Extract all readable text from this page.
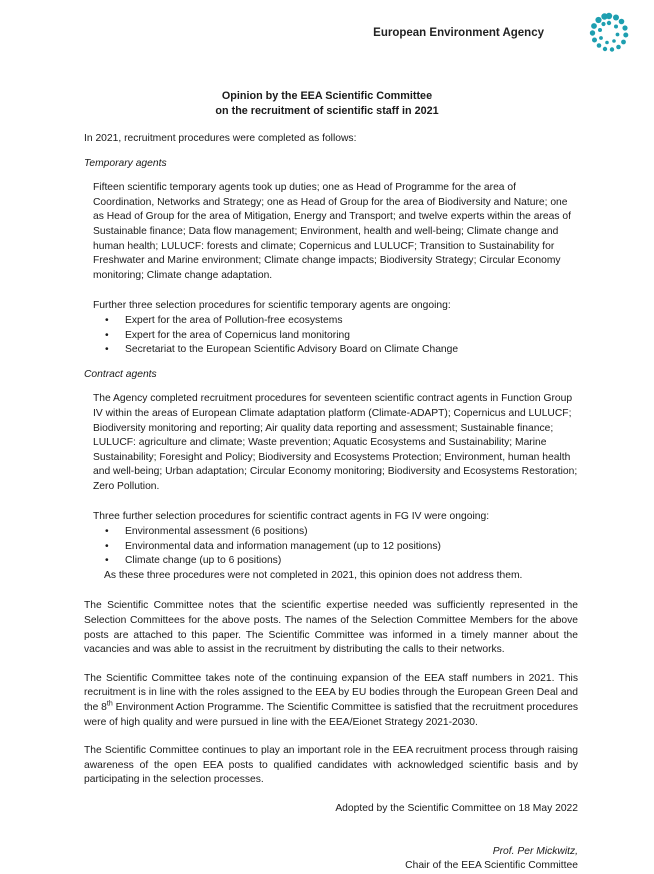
European Environment Agency
Opinion by the EEA Scientific Committee
on the recruitment of scientific staff in 2021

In 2021, recruitment procedures were completed as follows:

Temporary agents

Fifteen scientific temporary agents took up duties; one as Head of Programme for the area of Coordination, Networks and Strategy; one as Head of Group for the area of Biodiversity and Nature; one as Head of Group for the area of Mitigation, Energy and Transport; and twelve experts within the areas of Sustainable finance; Data flow management; Environment, health and well-being; Climate change and human health; LULUCF: forests and climate; Copernicus and LULUCF; Transition to Sustainability for Freshwater and Marine environment; Climate change impacts; Biodiversity Strategy; Circular Economy monitoring; Climate change adaptation.

Further three selection procedures for scientific temporary agents are ongoing:

• Expert for the area of Pollution-free ecosystems
• Expert for the area of Copernicus land monitoring
• Secretariat to the European Scientific Advisory Board on Climate Change

Contract agents

The Agency completed recruitment procedures for seventeen scientific contract agents in Function Group IV within the areas of European Climate adaptation platform (Climate-ADAPT); Copernicus and LULUCF; Biodiversity monitoring and reporting; Air quality data reporting and assessment; Sustainable finance; LULUCF: agriculture and climate; Waste prevention; Aquatic Ecosystems and Sustainability; Marine Sustainability; Foresight and Policy; Biodiversity and Ecosystems Protection; Environment, human health and well-being; Urban adaptation; Circular Economy monitoring; Biodiversity and Ecosystems Restoration; Zero Pollution.

Three further selection procedures for scientific contract agents in FG IV were ongoing:

• Environmental assessment (6 positions)
• Environmental data and information management (up to 12 positions)
• Climate change (up to 6 positions)

As these three procedures were not completed in 2021, this opinion does not address them.

The Scientific Committee notes that the scientific expertise needed was sufficiently represented in the Selection Committees for the above posts. The names of the Selection Committee Members for the above posts are attached to this paper. The Scientific Committee was informed in a timely manner about the vacancies and was able to assist in the recruitment by distributing the calls to their networks.

The Scientific Committee takes note of the continuing expansion of the EEA staff numbers in 2021. This recruitment is in line with the roles assigned to the EEA by EU bodies through the European Green Deal and the 8th Environment Action Programme. The Scientific Committee is satisfied that the recruitment procedures were of high quality and were pursued in line with the EEA/Eionet Strategy 2021-2030.

The Scientific Committee continues to play an important role in the EEA recruitment process through raising awareness of the open EEA posts to qualified candidates with acknowledged scientific basis and by participating in the selection processes.

Adopted by the Scientific Committee on 18 May 2022

Prof. Per Mickwitz,

Chair of the EEA Scientific Committee
